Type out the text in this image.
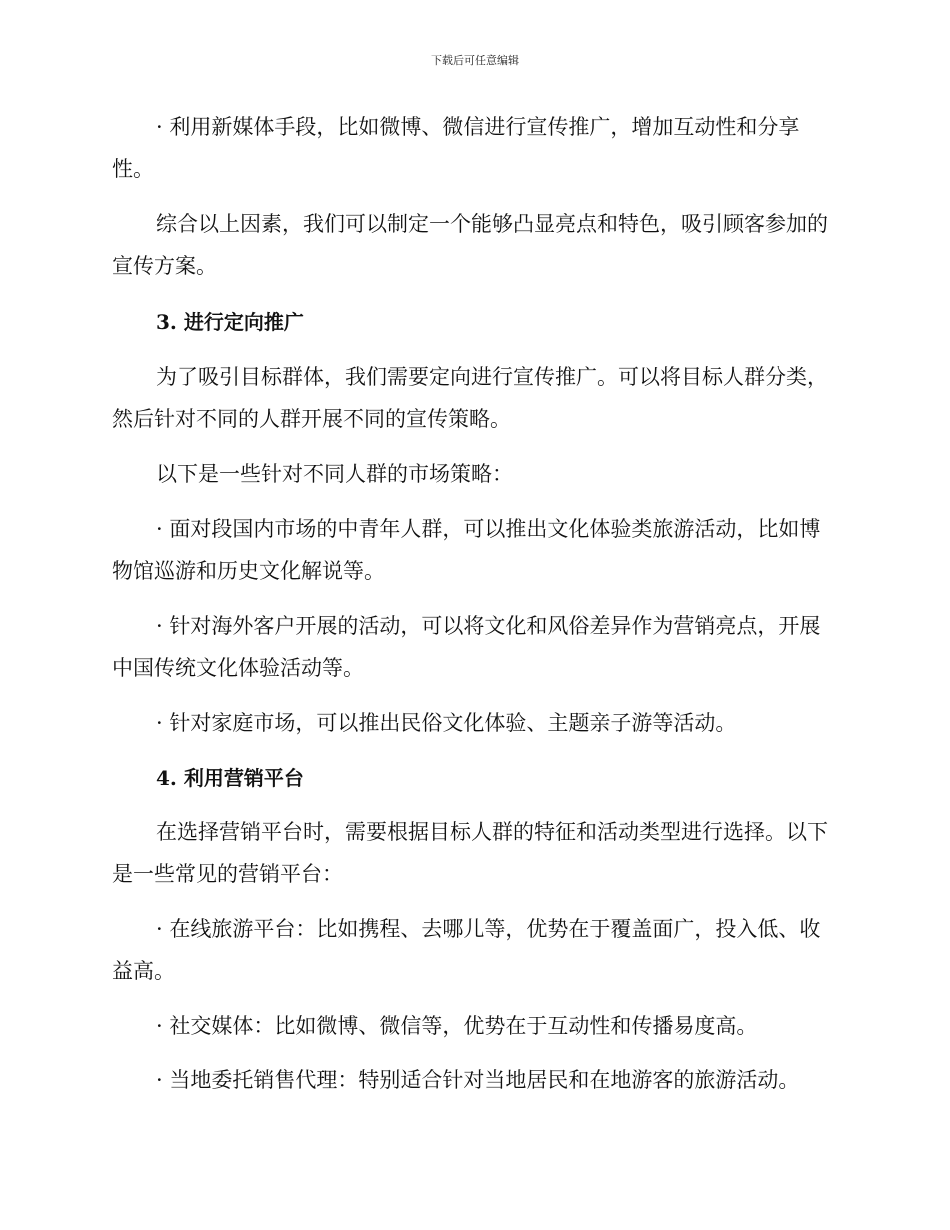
下载后可任意编辑

· 利用新媒体手段，比如微博、微信进行宣传推广，增加互动性和分享性。

综合以上因素，我们可以制定一个能够凸显亮点和特色，吸引顾客参加的宣传方案。

3. 进行定向推广

为了吸引目标群体，我们需要定向进行宣传推广。可以将目标人群分类，然后针对不同的人群开展不同的宣传策略。

以下是一些针对不同人群的市场策略：

· 面对段国内市场的中青年人群，可以推出文化体验类旅游活动，比如博物馆巡游和历史文化解说等。

· 针对海外客户开展的活动，可以将文化和风俗差异作为营销亮点，开展中国传统文化体验活动等。

· 针对家庭市场，可以推出民俗文化体验、主题亲子游等活动。

4. 利用营销平台

在选择营销平台时，需要根据目标人群的特征和活动类型进行选择。以下是一些常见的营销平台：

· 在线旅游平台：比如携程、去哪儿等，优势在于覆盖面广，投入低、收益高。

· 社交媒体：比如微博、微信等，优势在于互动性和传播易度高。

· 当地委托销售代理：特别适合针对当地居民和在地游客的旅游活动。
